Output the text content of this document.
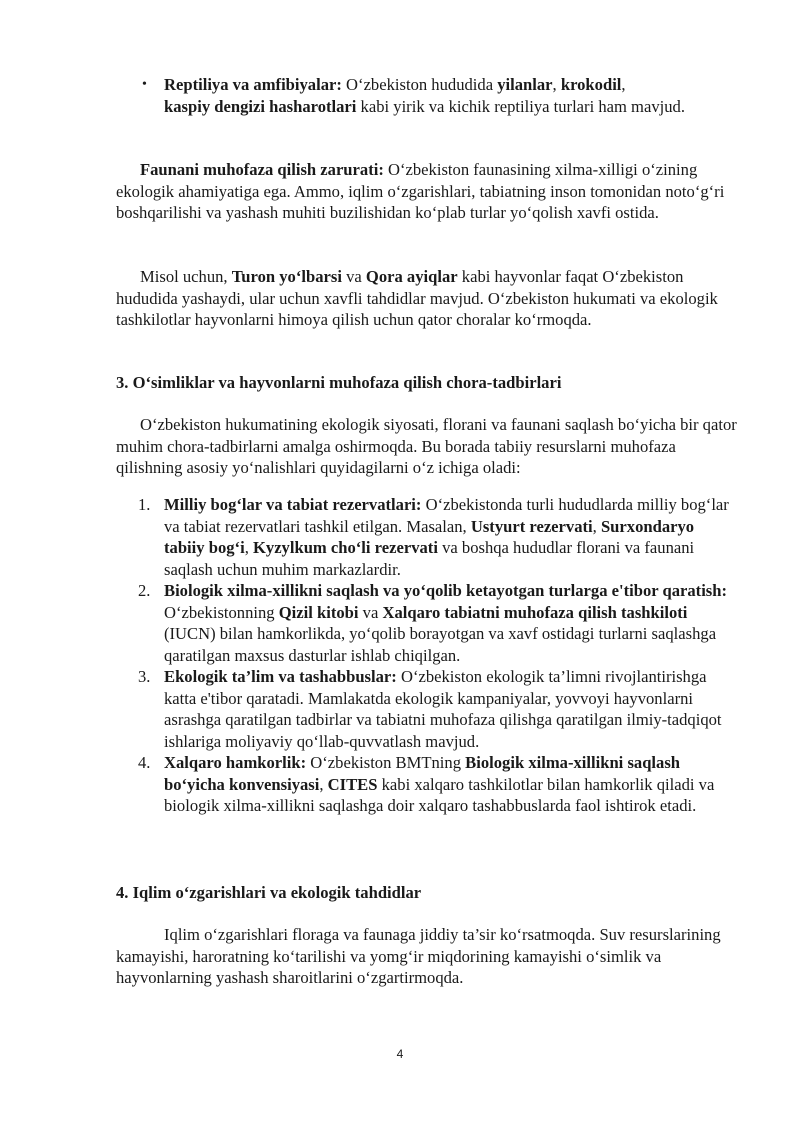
• Reptiliya va amfibiyalar: O‘zbekiston hududida yilanlar, krokodil,
kaspiy dengizi hasharotlari kabi yirik va kichik reptiliya turlari ham mavjud.

Faunani muhofaza qilish zarurati: O‘zbekiston faunasining xilma-xilligi o‘zining ekologik ahamiyatiga ega. Ammo, iqlim o‘zgarishlari, tabiatning inson tomonidan noto‘g‘ri boshqarilishi va yashash muhiti buzilishidan ko‘plab turlar yo‘qolish xavfi ostida.

Misol uchun, Turon yo‘lbarsi va Qora ayiqlar kabi hayvonlar faqat O‘zbekiston hududida yashaydi, ular uchun xavfli tahdidlar mavjud. O‘zbekiston hukumati va ekologik tashkilotlar hayvonlarni himoya qilish uchun qator choralar ko‘rmoqda.

3. O‘simliklar va hayvonlarni muhofaza qilish chora-tadbirlari

O‘zbekiston hukumatining ekologik siyosati, florani va faunani saqlash bo‘yicha bir qator muhim chora-tadbirlarni amalga oshirmoqda. Bu borada tabiiy resurslarni muhofaza qilishning asosiy yo‘nalishlari quyidagilarni o‘z ichiga oladi:

1. Milliy bog‘lar va tabiat rezervatlari: O‘zbekistonda turli hududlarda milliy bog‘lar va tabiat rezervatlari tashkil etilgan. Masalan, Ustyurt rezervati, Surxondaryo tabiiy bog‘i, Kyzylkum cho‘li rezervati va boshqa hududlar florani va faunani saqlash uchun muhim markazlardir.
2. Biologik xilma-xillikni saqlash va yo‘qolib ketayotgan turlarga e'tibor qaratish: O‘zbekistonning Qizil kitobi va Xalqaro tabiatni muhofaza qilish tashkiloti (IUCN) bilan hamkorlikda, yo‘qolib borayotgan va xavf ostidagi turlarni saqlashga qaratilgan maxsus dasturlar ishlab chiqilgan.
3. Ekologik ta’lim va tashabbuslar: O‘zbekiston ekologik ta’limni rivojlantirishga katta e'tibor qaratadi. Mamlakatda ekologik kampaniyalar, yovvoyi hayvonlarni asrashga qaratilgan tadbirlar va tabiatni muhofaza qilishga qaratilgan ilmiy-tadqiqot ishlariga moliyaviy qo‘llab-quvvatlash mavjud.
4. Xalqaro hamkorlik: O‘zbekiston BMTning Biologik xilma-xillikni saqlash bo‘yicha konvensiyasi, CITES kabi xalqaro tashkilotlar bilan hamkorlik qiladi va biologik xilma-xillikni saqlashga doir xalqaro tashabbuslarda faol ishtirok etadi.
4. Iqlim o‘zgarishlari va ekologik tahdidlar

Iqlim o‘zgarishlari floraga va faunaga jiddiy ta’sir ko‘rsatmoqda. Suv resurslarining kamayishi, haroratning ko‘tarilishi va yomg‘ir miqdorining kamayishi o‘simlik va hayvonlarning yashash sharoitlarini o‘zgartirmoqda.

4
